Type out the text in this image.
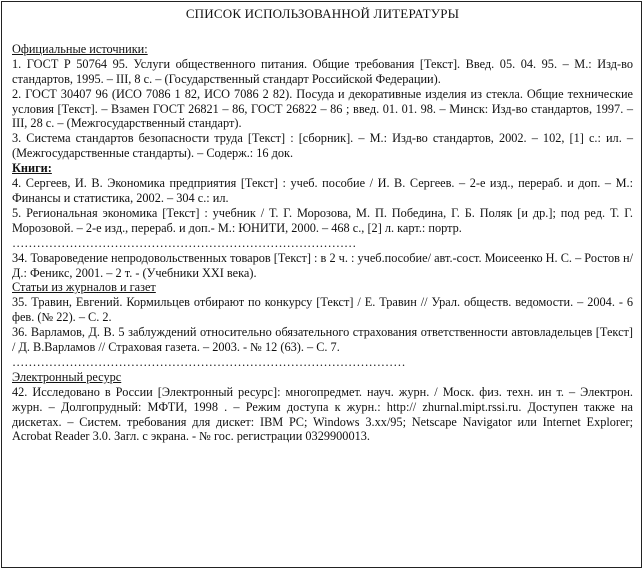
СПИСОК ИСПОЛЬЗОВАННОЙ ЛИТЕРАТУРЫ
Официальные источники:
1. ГОСТ Р 50764 95. Услуги общественного питания. Общие требования [Текст]. Введ. 05. 04. 95. – М.: Изд-во стандартов, 1995. – III, 8 с. – (Государственный стандарт Российской Федерации).
2. ГОСТ 30407 96 (ИСО 7086 1 82, ИСО 7086 2 82). Посуда и декоративные изделия из стекла. Общие технические условия [Текст]. – Взамен ГОСТ 26821 – 86, ГОСТ 26822 – 86 ; введ. 01. 01. 98. – Минск: Изд-во стандартов, 1997. – III, 28 с. – (Межгосударственный стандарт).
3. Система стандартов безопасности труда [Текст] : [сборник]. – М.: Изд-во стандартов, 2002. – 102, [1] с.: ил. – (Межгосударственные стандарты). – Содерж.: 16 док.
Книги:
4. Сергеев, И. В. Экономика предприятия [Текст] : учеб. пособие / И. В. Сергеев. – 2-е изд., перераб. и доп. – М.: Финансы и статистика, 2002. – 304 с.: ил.
5. Региональная экономика [Текст] : учебник / Т. Г. Морозова, М. П. Победина, Г. Б. Поляк [и др.]; под ред. Т. Г. Морозовой. – 2-е изд., перераб. и доп.- М.: ЮНИТИ, 2000. – 468 с., [2] л. карт.: портр.
…………………………………………………………………………
34. Товароведение непродовольственных товаров [Текст] : в 2 ч. : учеб.пособие/ авт.-сост. Моисеенко Н. С. – Ростов н/Д.: Феникс, 2001. – 2 т. - (Учебники XXI века).
Статьи из журналов и газет
35. Травин, Евгений. Кормильцев отбирают по конкурсу [Текст] / Е. Травин // Урал. обществ. ведомости. – 2004. - 6 фев. (№ 22). – С. 2.
36. Варламов, Д. В. 5 заблуждений относительно обязательного страхования ответственности автовладельцев [Текст] / Д. В.Варламов // Страховая газета. – 2003. - № 12 (63). – С. 7.
……………………………………………………………………………………
Электронный ресурс
42. Исследовано в России [Электронный ресурс]: многопредмет. науч. журн. / Моск. физ. техн. ин т. – Электрон. журн. – Долгопрудный: МФТИ, 1998 . – Режим доступа к журн.: http:// zhurnal.mipt.rssi.ru. Доступен также на дискетах. – Систем. требования для дискет: IBM PC; Windows 3.xx/95; Netscape Navigator или Internet Explorer; Acrobat Reader 3.0. Загл. с экрана. - № гос. регистрации 0329900013.
